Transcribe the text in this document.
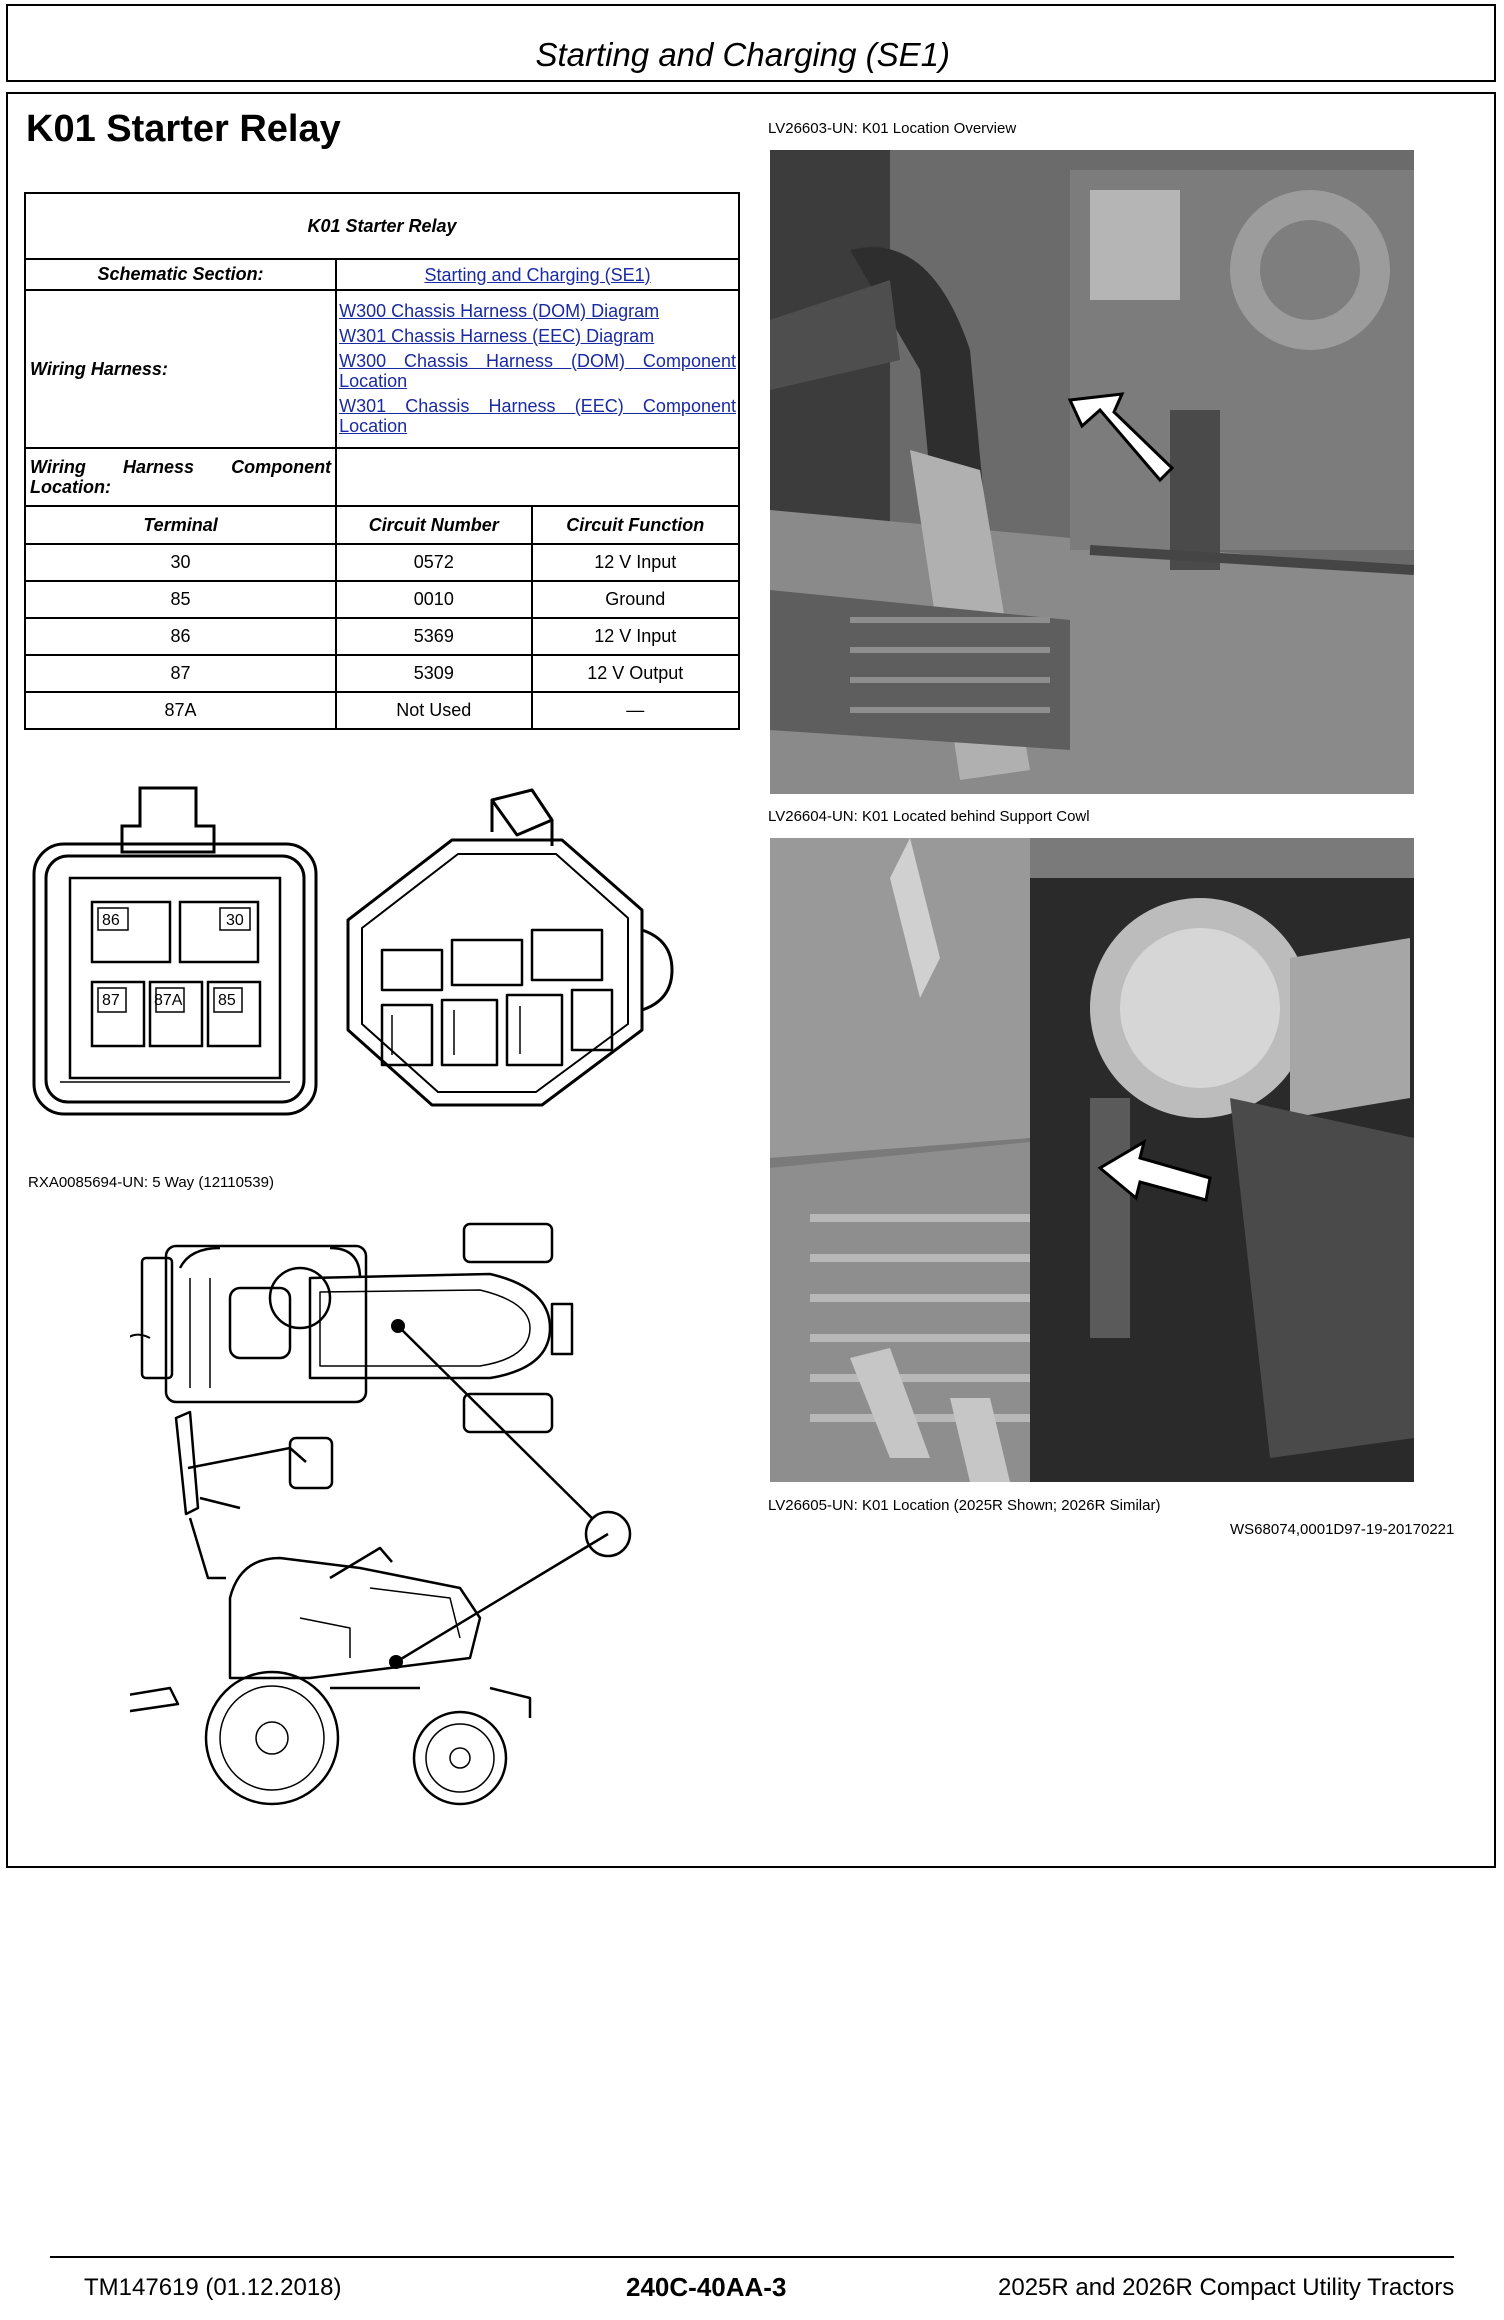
Starting and Charging (SE1)
K01 Starter Relay
K01 Starter Relay		
Schematic Section:	Starting and Charging (SE1)	

Wiring Harness:	W300 Chassis Harness (DOM) Diagram
W301 Chassis Harness (EEC) Diagram
W300 Chassis Harness (DOM) Component Location
W301 Chassis Harness (EEC) Component Location	

Wiring Harness Component Location:		
Terminal	Circuit Number	Circuit Function
30	0572	12 V Input
85	0010	Ground
86	5369	12 V Input
87	5309	12 V Output
87A	Not Used	—
86	30
87 87A 85
RXA0085694-UN: 5 Way (12110539)
LV26603-UN: K01 Location Overview
LV26604-UN: K01 Located behind Support Cowl
LV26605-UN: K01 Location (2025R Shown; 2026R Similar)
WS68074,0001D97-19-20170221
TM147619 (01.12.2018)	240C-40AA-3	2025R and 2026R Compact Utility Tractors
